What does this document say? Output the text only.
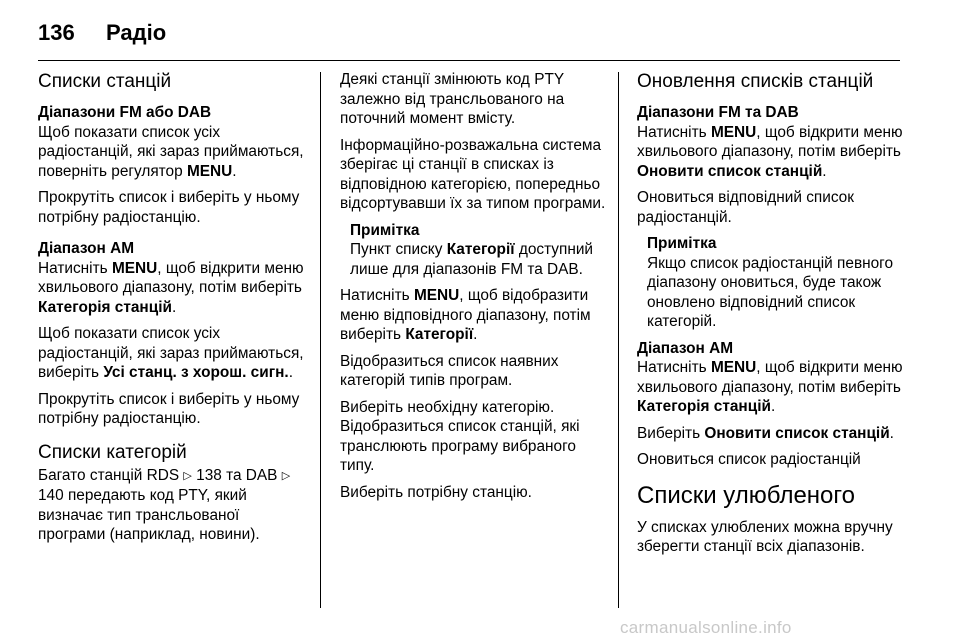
136 Радіо
Списки станцій
Діапазони FM або DAB

Щоб показати список усіх радіостанцій, які зараз приймаються, поверніть регулятор MENU.

Прокрутіть список і виберіть у ньому потрібну радіостанцію.

Діапазон AM

Натисніть MENU, щоб відкрити меню хвильового діапазону, потім виберіть Категорія станцій.

Щоб показати список усіх радіостанцій, які зараз приймаються, виберіть Усі станц. з хорош. сигн..

Прокрутіть список і виберіть у ньому потрібну радіостанцію.

Списки категорій

Багато станцій RDS ▷ 138 та DAB ▷ 140 передають код PTY, який визначає тип трансльованої програми (наприклад, новини).

Деякі станції змінюють код PTY залежно від трансльованого на поточний момент вмісту.

Інформаційно-розважальна система зберігає ці станції в списках із відповідною категорією, попередньо відсортувавши їх за типом програми.

Примітка
Пункт списку Категорії доступний лише для діапазонів FM та DAB.

Натисніть MENU, щоб відобразити меню відповідного діапазону, потім виберіть Категорії.

Відобразиться список наявних категорій типів програм.

Виберіть необхідну категорію. Відобразиться список станцій, які транслюють програму вибраного типу.

Виберіть потрібну станцію.

Оновлення списків станцій
Діапазони FM та DAB

Натисніть MENU, щоб відкрити меню хвильового діапазону, потім виберіть Оновити список станцій.

Оновиться відповідний список радіостанцій.

Примітка
Якщо список радіостанцій певного діапазону оновиться, буде також оновлено відповідний список категорій.
Діапазон AM

Натисніть MENU, щоб відкрити меню хвильового діапазону, потім виберіть Категорія станцій.

Виберіть Оновити список станцій.

Оновиться список радіостанцій

Списки улюбленого

У списках улюблених можна вручну зберегти станції всіх діапазонів.

carmanualsonline.info
